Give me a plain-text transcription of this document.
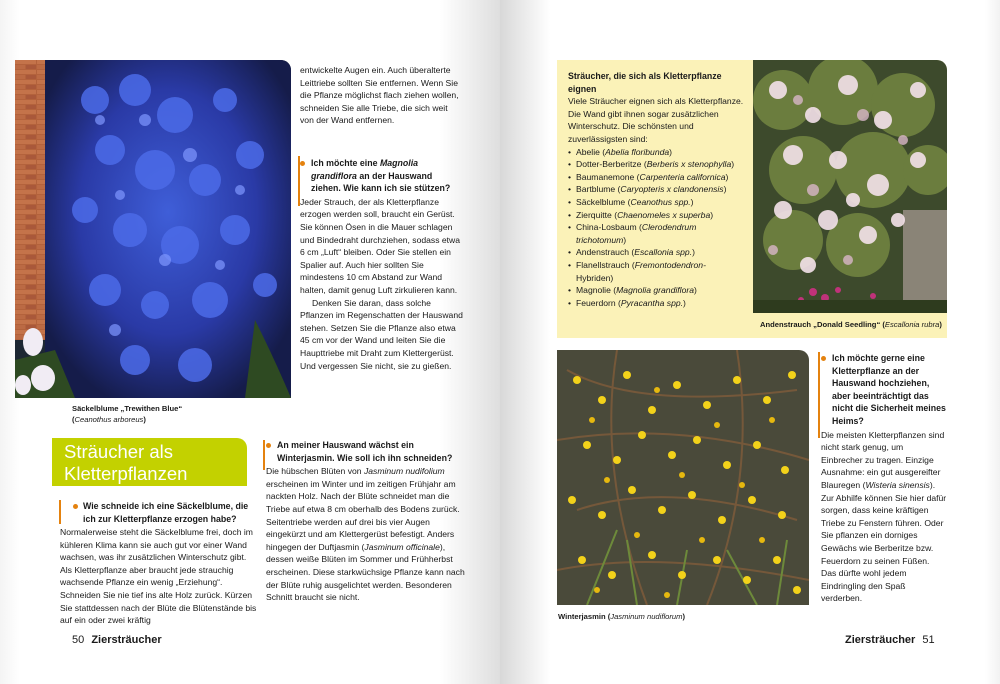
Säckelblume „Trewithen Blue“
(Ceanothus arboreus)

entwickelte Augen ein. Auch überalterte Leittriebe sollten Sie entfernen. Wenn Sie die Pflanze möglichst flach ziehen wollen, schneiden Sie alle Triebe, die sich weit von der Wand entfernen.

Ich möchte eine Magnolia grandiflora an der Hauswand ziehen. Wie kann ich sie stützen?

Jeder Strauch, der als Kletterpflanze erzogen werden soll, braucht ein Gerüst. Sie können Ösen in die Mauer schlagen und Bindedraht durchziehen, sodass etwa 6 cm „Luft“ bleiben. Oder Sie stellen ein Spalier auf. Auch hier sollten Sie mindestens 10 cm Abstand zur Wand halten, damit genug Luft zirkulieren kann.

Denken Sie daran, dass solche Pflanzen im Regenschatten der Hauswand stehen. Setzen Sie die Pflanze also etwa 45 cm vor der Wand und leiten Sie die Haupttriebe mit Draht zum Klettergerüst. Und vergessen Sie nicht, sie zu gießen.

Sträucher als Kletterpflanzen
Wie schneide ich eine Säckelblume, die ich zur Kletterpflanze erzogen habe?

Normalerweise steht die Säckelblume frei, doch im kühleren Klima kann sie auch gut vor einer Wand wachsen, was ihr zusätzlichen Winterschutz gibt. Als Kletterpflanze aber braucht jede strauchig wachsende Pflanze ein wenig „Erziehung“. Schneiden Sie nie tief ins alte Holz zurück. Kürzen Sie stattdessen nach der Blüte die Blütenstände bis auf ein oder zwei kräftig

An meiner Hauswand wächst ein Winterjasmin. Wie soll ich ihn schneiden?

Die hübschen Blüten von Jasminum nudifolium erscheinen im Winter und im zeitigen Frühjahr am nackten Holz. Nach der Blüte schneidet man die Triebe auf etwa 8 cm oberhalb des Bodens zurück. Seitentriebe werden auf drei bis vier Augen eingekürzt und am Klettergerüst befestigt. Anders hingegen der Duftjasmin (Jasminum officinale), dessen weiße Blüten im Sommer und Frühherbst erscheinen. Diese starkwüchsige Pflanze kann nach der Blüte ruhig ausgelichtet werden. Besonderen Schnitt braucht sie nicht.

50 Ziersträucher
Sträucher, die sich als Kletterpflanze eignen

Viele Sträucher eignen sich als Kletterpflanze. Die Wand gibt ihnen sogar zusätzlichen Winterschutz. Die schönsten und zuverlässigsten sind:

• Abelie (Abelia floribunda)
• Dotter-Berberitze (Berberis x stenophylla)
• Baumanemone (Carpenteria californica)
• Bartblume (Caryopteris x clandonensis)
• Säckelblume (Ceanothus spp.)
• Zierquitte (Chaenomeles x superba)
• China-Losbaum (Clerodendrum trichotomum)
• Andenstrauch (Escallonia spp.)
• Flanellstrauch (Fremontodendron-
Hybriden)
• Magnolie (Magnolia grandiflora)
• Feuerdorn (Pyracantha spp.)
Andenstrauch „Donald Seedling“ (Escallonia rubra)
Winterjasmin (Jasminum nudiflorum)
Ich möchte gerne eine Kletterpflanze an der Hauswand hochziehen, aber beeinträchtigt das nicht die Sicherheit meines Heims?

Die meisten Kletterpflanzen sind nicht stark genug, um Einbrecher zu tragen. Einzige Ausnahme: ein gut ausgereifter Blauregen (Wisteria sinensis). Zur Abhilfe können Sie hier dafür sorgen, dass keine kräftigen Triebe zu Fenstern führen. Oder Sie pflanzen ein dorniges Gewächs wie Berberitze bzw. Feuerdorn zu seinen Füßen. Das dürfte wohl jedem Eindringling den Spaß verderben.

Ziersträucher 51
